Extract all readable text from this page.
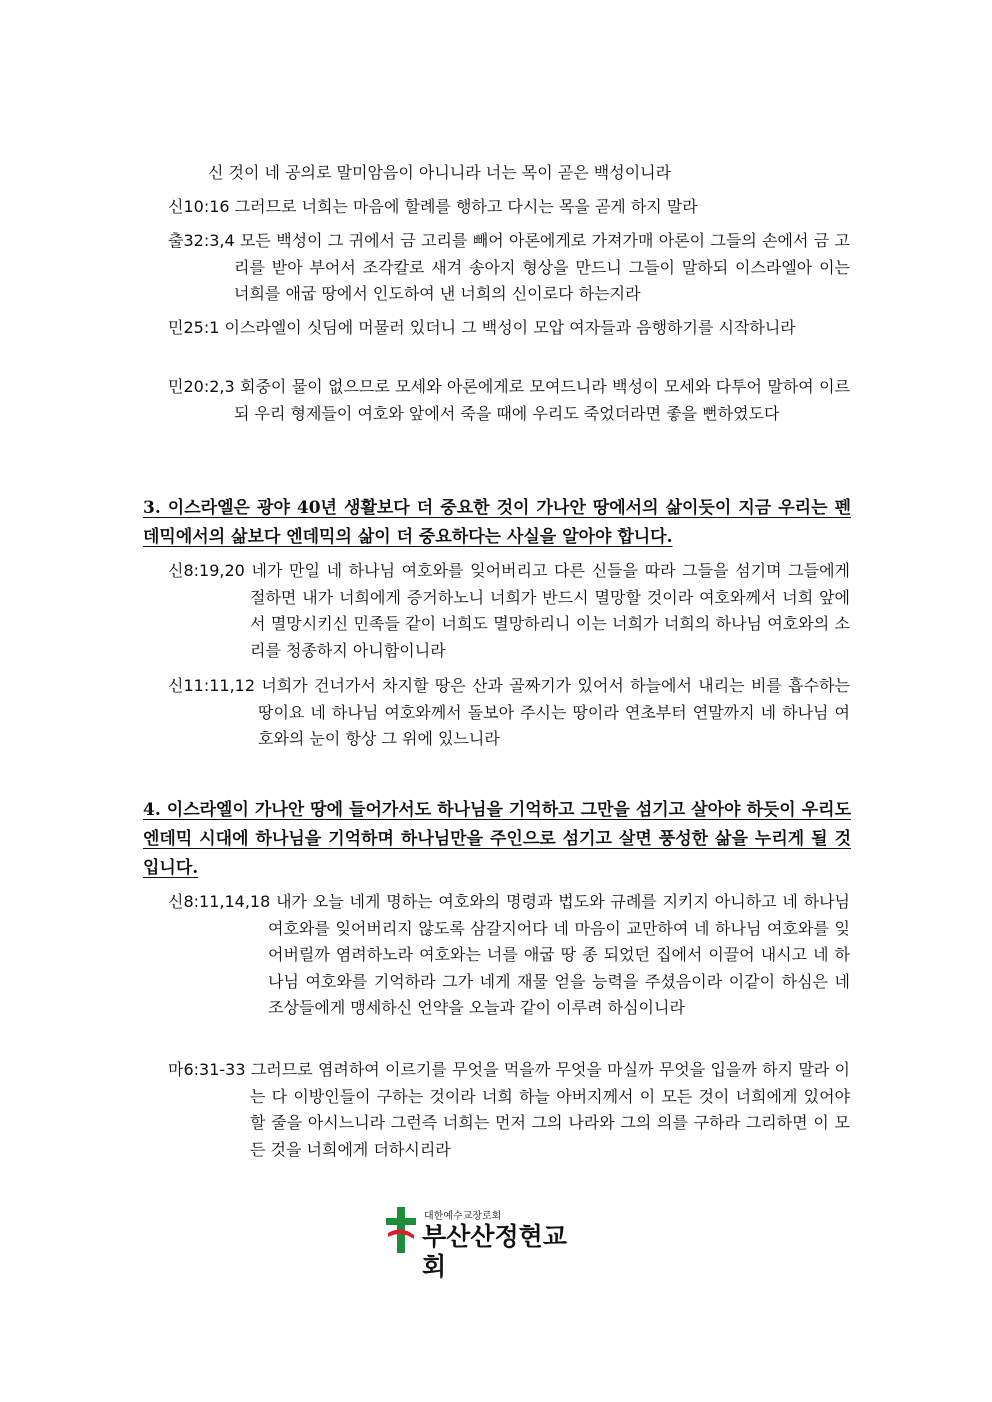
신 것이 네 공의로 말미암음이 아니니라 너는 목이 곧은 백성이니라
신10:16 그러므로 너희는 마음에 할례를 행하고 다시는 목을 곧게 하지 말라
출32:3,4 모든 백성이 그 귀에서 금 고리를 빼어 아론에게로 가져가매 아론이 그들의 손에서 금 고리를 받아 부어서 조각칼로 새겨 송아지 형상을 만드니 그들이 말하되 이스라엘아 이는 너희를 애굽 땅에서 인도하여 낸 너희의 신이로다 하는지라
민25:1 이스라엘이 싯딤에 머물러 있더니 그 백성이 모압 여자들과 음행하기를 시작하니라
민20:2,3 회중이 물이 없으므로 모세와 아론에게로 모여드니라 백성이 모세와 다투어 말하여 이르되 우리 형제들이 여호와 앞에서 죽을 때에 우리도 죽었더라면 좋을 뻔하였도다
3. 이스라엘은 광야 40년 생활보다 더 중요한 것이 가나안 땅에서의 삶이듯이 지금 우리는 펜데믹에서의 삶보다 엔데믹의 삶이 더 중요하다는 사실을 알아야 합니다.
신8:19,20 네가 만일 네 하나님 여호와를 잊어버리고 다른 신들을 따라 그들을 섬기며 그들에게 절하면 내가 너희에게 증거하노니 너희가 반드시 멸망할 것이라 여호와께서 너희 앞에서 멸망시키신 민족들 같이 너희도 멸망하리니 이는 너희가 너희의 하나님 여호와의 소리를 청종하지 아니함이니라
신11:11,12 너희가 건너가서 차지할 땅은 산과 골짜기가 있어서 하늘에서 내리는 비를 흡수하는 땅이요 네 하나님 여호와께서 돌보아 주시는 땅이라 연초부터 연말까지 네 하나님 여호와의 눈이 항상 그 위에 있느니라
4. 이스라엘이 가나안 땅에 들어가서도 하나님을 기억하고 그만을 섬기고 살아야 하듯이 우리도 엔데믹 시대에 하나님을 기억하며 하나님만을 주인으로 섬기고 살면 풍성한 삶을 누리게 될 것입니다.
신8:11,14,18 내가 오늘 네게 명하는 여호와의 명령과 법도와 규례를 지키지 아니하고 네 하나님 여호와를 잊어버리지 않도록 삼갈지어다 네 마음이 교만하여 네 하나님 여호와를 잊어버릴까 염려하노라 여호와는 너를 애굽 땅 종 되었던 집에서 이끌어 내시고 네 하나님 여호와를 기억하라 그가 네게 재물 얻을 능력을 주셨음이라 이같이 하심은 네 조상들에게 맹세하신 언약을 오늘과 같이 이루려 하심이니라
마6:31-33 그러므로 염려하여 이르기를 무엇을 먹을까 무엇을 마실까 무엇을 입을까 하지 말라 이는 다 이방인들이 구하는 것이라 너희 하늘 아버지께서 이 모든 것이 너희에게 있어야 할 줄을 아시느니라 그런즉 너희는 먼저 그의 나라와 그의 의를 구하라 그리하면 이 모든 것을 너희에게 더하시리라
대한예수교장로회
부산산정현교회
